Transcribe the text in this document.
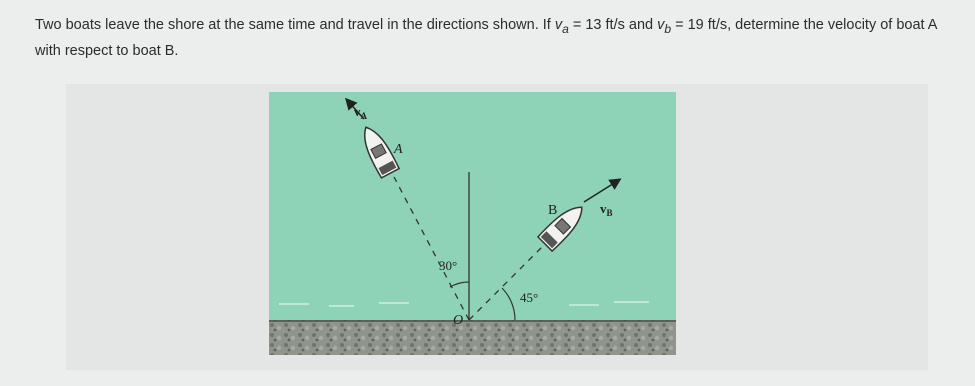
Two boats leave the shore at the same time and travel in the directions shown. If $v_a = 13$ ft/s and $v_b = 19$ ft/s, determine the velocity of boat A with respect to boat B.
$v_A$
A
B	$v_B$
30°
45°
O
